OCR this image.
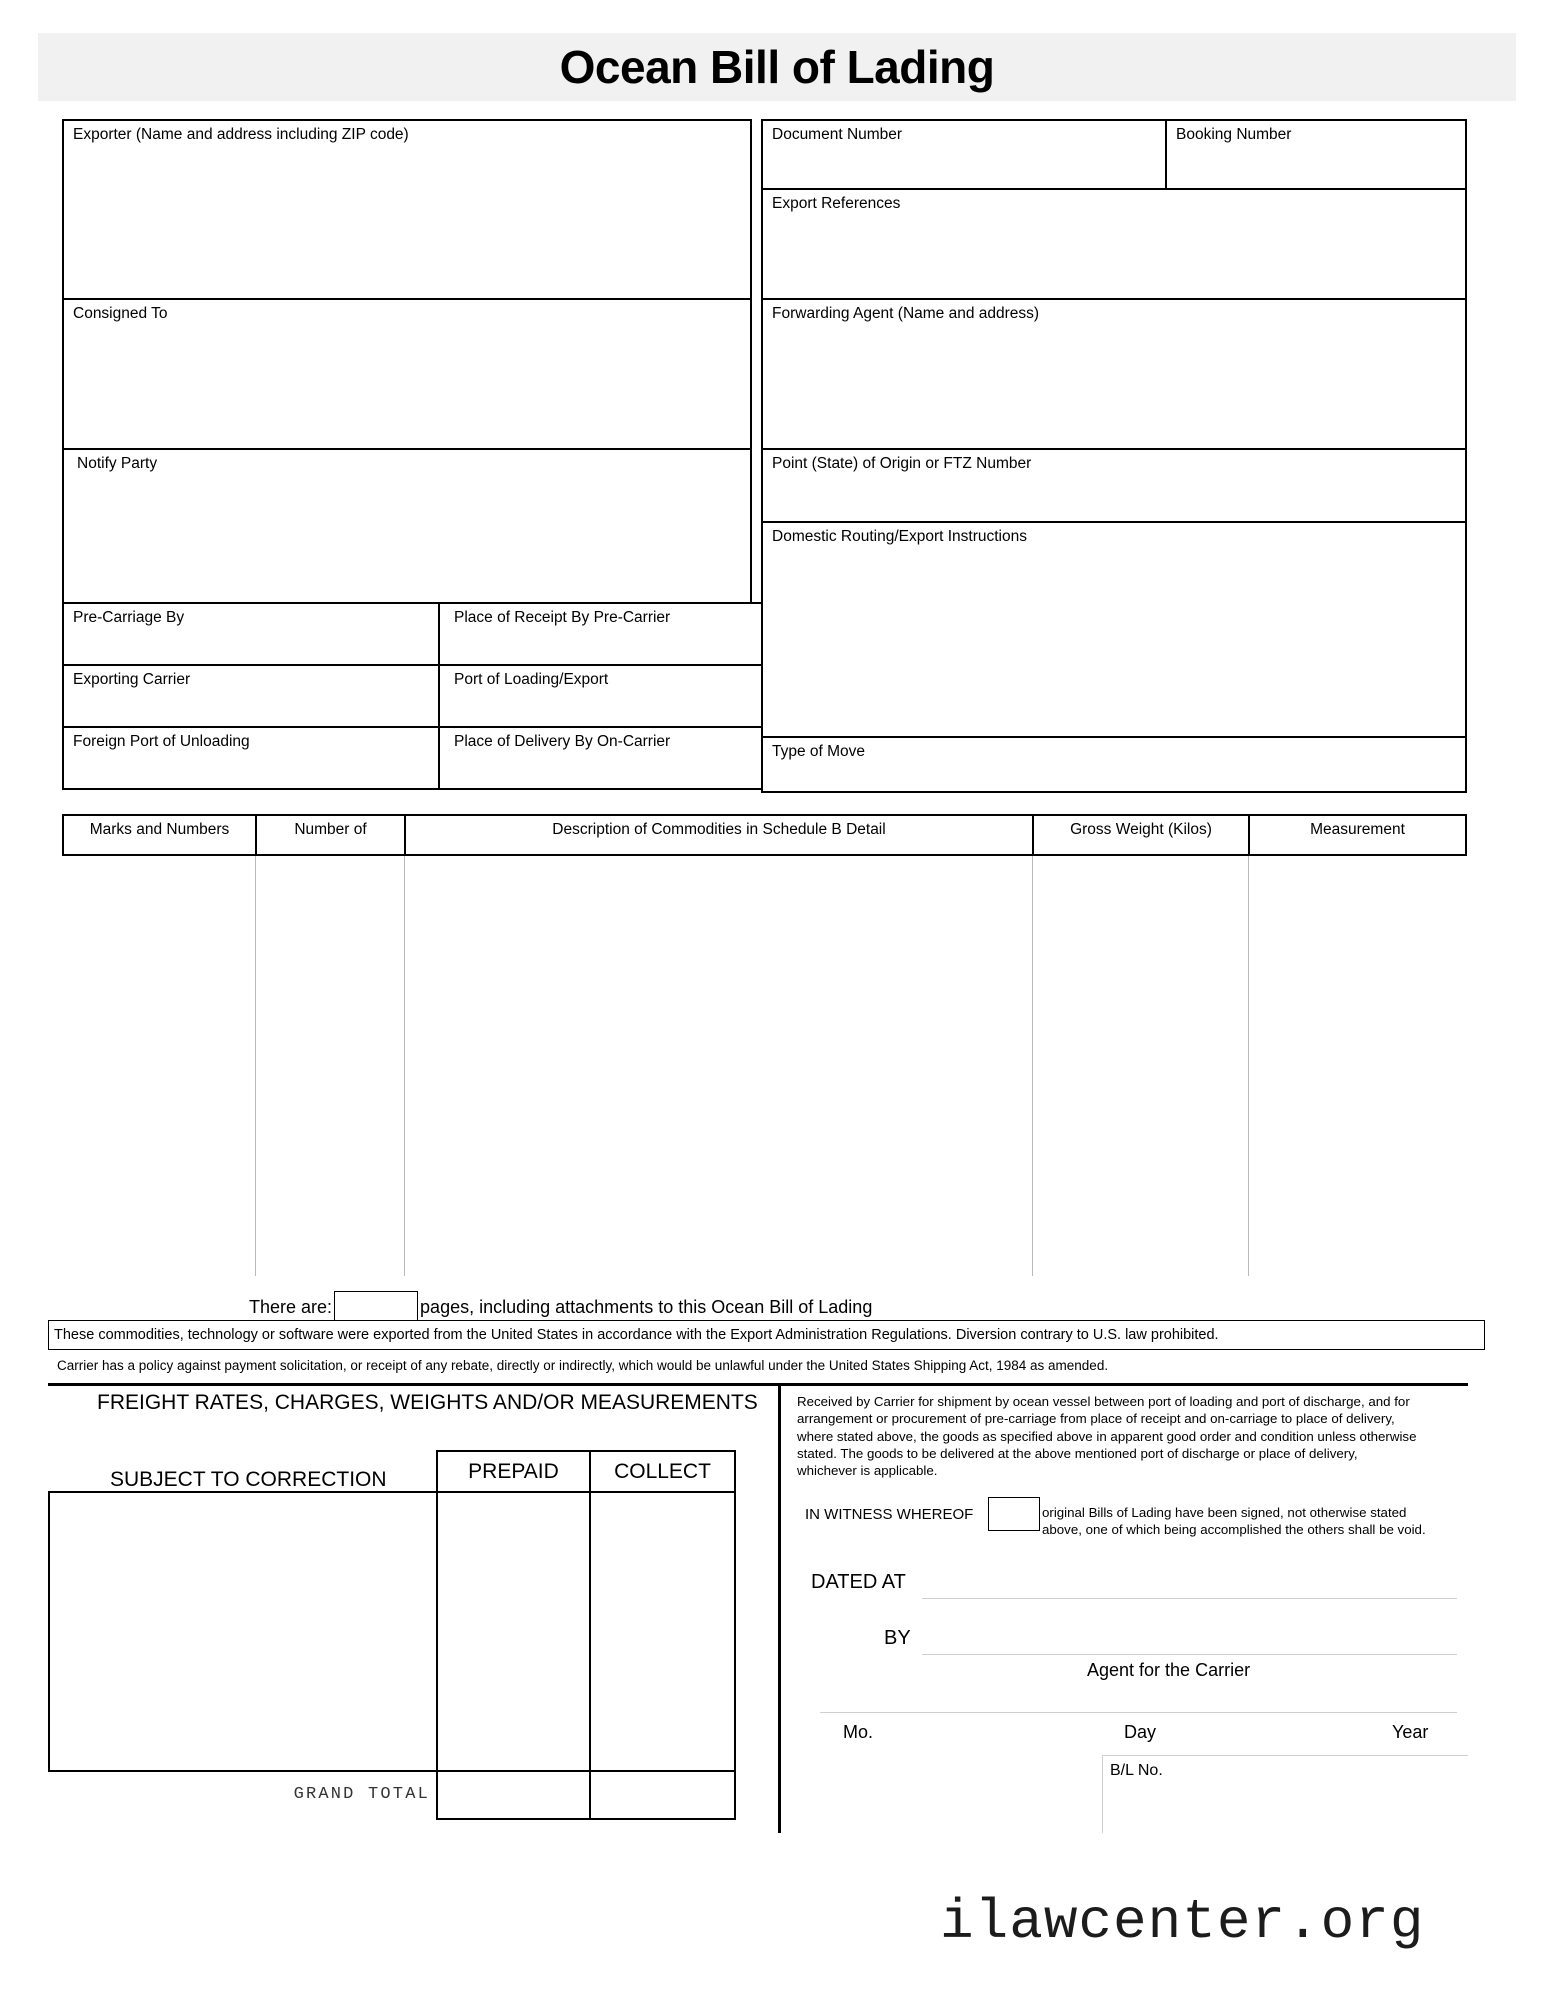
Ocean Bill of Lading
Exporter (Name and address including ZIP code)	Document Number	Booking Number
Export References
Consigned To	Forwarding Agent (Name and address)
Notify Party	Point (State) of Origin or FTZ Number
Domestic Routing/Export Instructions
Pre-Carriage By	Place of Receipt By Pre-Carrier
Exporting Carrier	Port of Loading/Export
Foreign Port of Unloading	Place of Delivery By On-Carrier
Type of Move
Marks and Numbers	Number of	Description of Commodities in Schedule B Detail	Gross Weight (Kilos)	Measurement
There are:	pages, including attachments to this Ocean Bill of Lading
These commodities, technology or software were exported from the United States in accordance with the Export Administration Regulations. Diversion contrary to U.S. law prohibited.
Carrier has a policy against payment solicitation, or receipt of any rebate, directly or indirectly, which would be unlawful under the United States Shipping Act, 1984 as amended.
FREIGHT RATES, CHARGES, WEIGHTS AND/OR MEASUREMENTS
SUBJECT TO CORRECTION	PREPAID	COLLECT
GRAND TOTAL
Received by Carrier for shipment by ocean vessel between port of loading and port of discharge, and for arrangement or procurement of pre-carriage from place of receipt and on-carriage to place of delivery, where stated above, the goods as specified above in apparent good order and condition unless otherwise stated. The goods to be delivered at the above mentioned port of discharge or place of delivery, whichever is applicable.
IN WITNESS WHEREOF	original Bills of Lading have been signed, not otherwise stated above, one of which being accomplished the others shall be void.
DATED AT
BY
Agent for the Carrier
Mo.	Day	Year
B/L No.
ilawcenter.org
